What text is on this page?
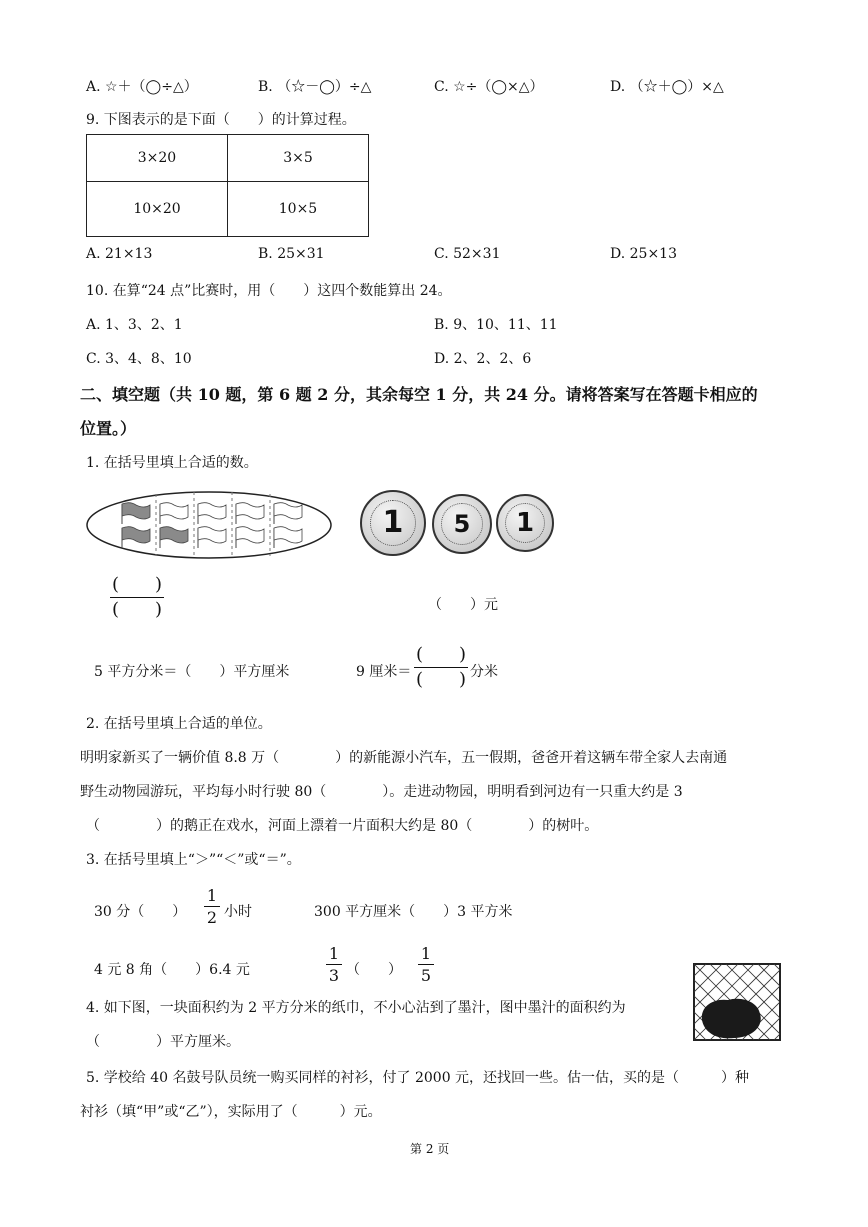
A. ☆＋（◯÷△）	B. （☆－◯）÷△	C. ☆÷（◯×△）	D. （☆＋◯）×△
9. 下图表示的是下面（　　）的计算过程。
3×20	3×5
10×20	10×5
A. 21×13	B. 25×31	C. 52×31	D. 25×13
10. 在算“24 点”比赛时，用（　　）这四个数能算出 24。
A. 1、3、2、1	B. 9、10、11、11
C. 3、4、8、10	D. 2、2、2、6
二、填空题（共 10 题，第 6 题 2 分，其余每空 1 分，共 24 分。请将答案写在答题卡相应的
位置。）
1. 在括号里填上合适的数。
(　　)
(　　)
1 5 1
（　　）元
5 平方分米＝（　　）平方厘米	9 厘米＝
(　　)
(　　) 分米
2. 在括号里填上合适的单位。
明明家新买了一辆价值 8.8 万（　　　　）的新能源小汽车，五一假期，爸爸开着这辆车带全家人去南通
野生动物园游玩，平均每小时行驶 80（　　　　）。走进动物园，明明看到河边有一只重大约是 3
（　　　　）的鹅正在戏水，河面上漂着一片面积大约是 80（　　　　）的树叶。
3. 在括号里填上“＞”“＜”或“＝”。
30 分（　　）
1
2 小时	300 平方厘米（　　）3 平方米
4 元 8 角（　　）6.4 元
1
3 （　　）
1
5
4. 如下图，一块面积约为 2 平方分米的纸巾，不小心沾到了墨汁，图中墨汁的面积约为
（　　　　）平方厘米。
5. 学校给 40 名鼓号队员统一购买同样的衬衫，付了 2000 元，还找回一些。估一估，买的是（　　　）种
衬衫（填“甲”或“乙”），实际用了（　　　）元。
第 2 页
